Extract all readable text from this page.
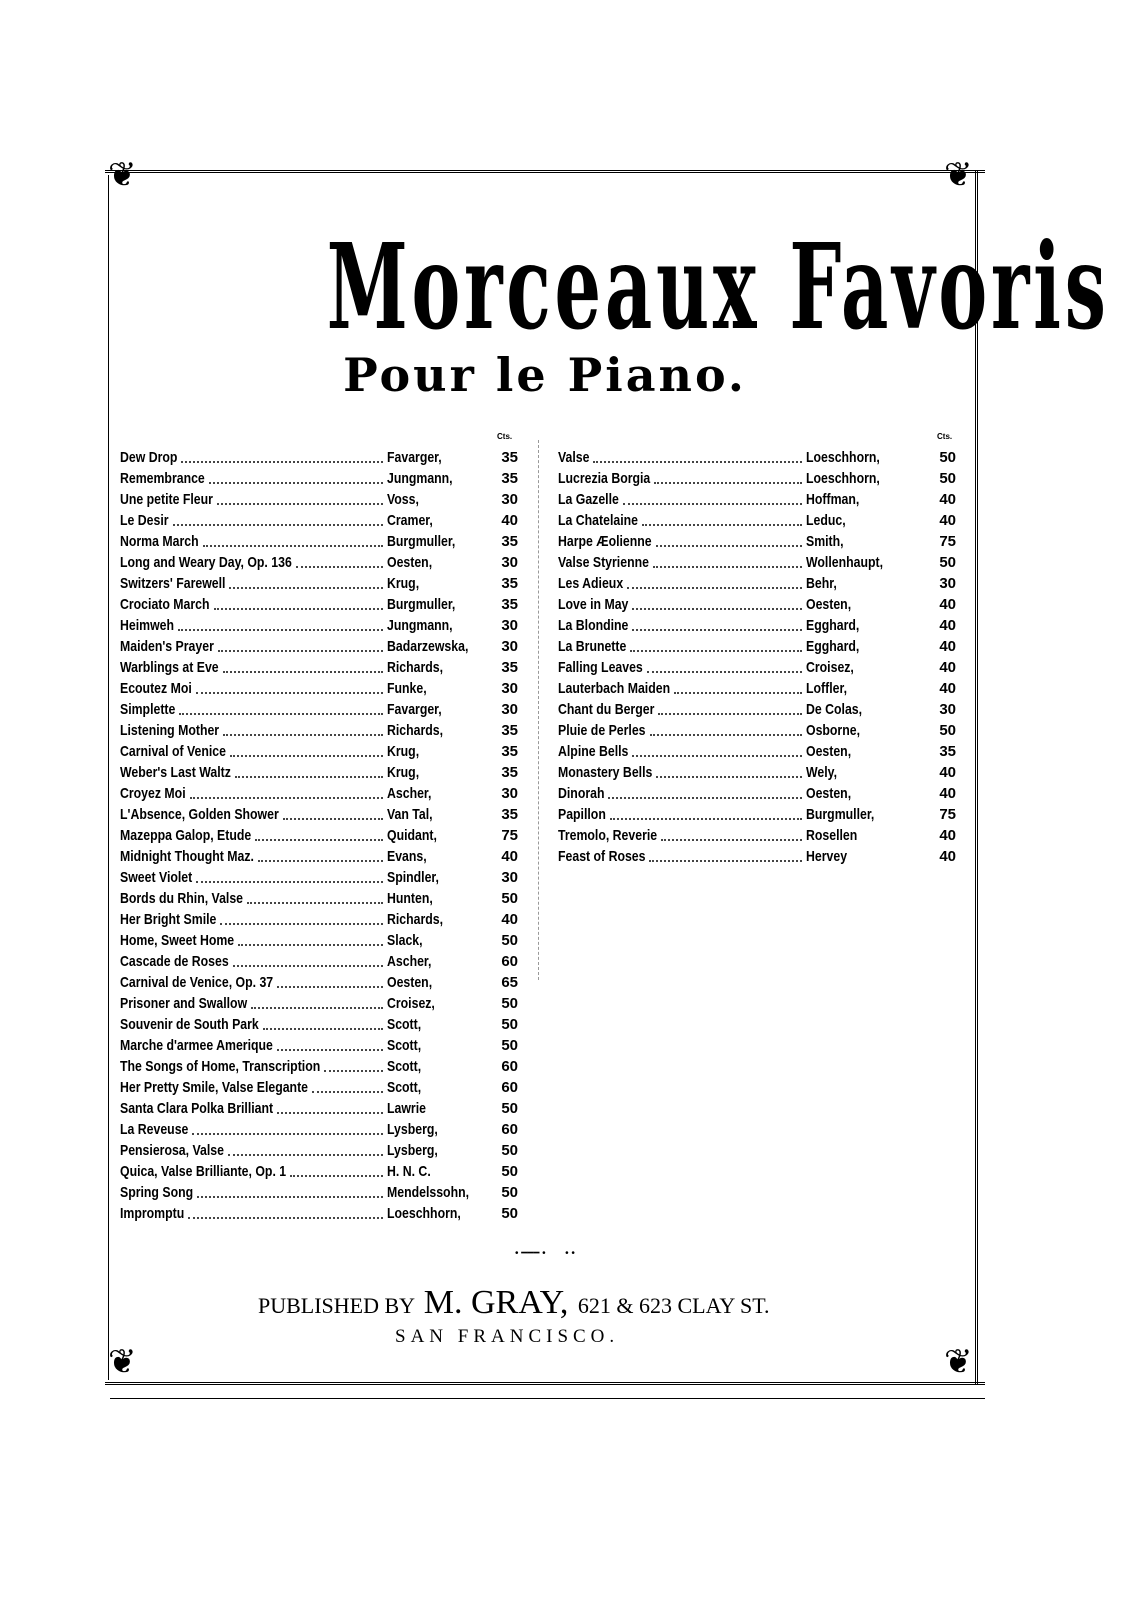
❦	❦
❦	❦
Morceaux Favoris
Pour le Piano.
Cts.	Cts.
Dew Drop	Favarger,	35
Remembrance	Jungmann,	35
Une petite Fleur	Voss,	30
Le Desir	Cramer,	40
Norma March	Burgmuller,	35
Long and Weary Day, Op. 136	Oesten,	30
Switzers' Farewell	Krug,	35
Crociato March	Burgmuller,	35
Heimweh	Jungmann,	30
Maiden's Prayer	Badarzewska,	30
Warblings at Eve	Richards,	35
Ecoutez Moi	Funke,	30
Simplette	Favarger,	30
Listening Mother	Richards,	35
Carnival of Venice	Krug,	35
Weber's Last Waltz	Krug,	35
Croyez Moi	Ascher,	30
L'Absence, Golden Shower	Van Tal,	35
Mazeppa Galop, Etude	Quidant,	75
Midnight Thought Maz.	Evans,	40
Sweet Violet	Spindler,	30
Bords du Rhin, Valse	Hunten,	50
Her Bright Smile	Richards,	40
Home, Sweet Home	Slack,	50
Cascade de Roses	Ascher,	60
Carnival de Venice, Op. 37	Oesten,	65
Prisoner and Swallow	Croisez,	50
Souvenir de South Park	Scott,	50
Marche d'armee Amerique	Scott,	50
The Songs of Home, Transcription	Scott,	60
Her Pretty Smile, Valse Elegante	Scott,	60
Santa Clara Polka Brilliant	Lawrie	50
La Reveuse	Lysberg,	60
Pensierosa, Valse	Lysberg,	50
Quica, Valse Brilliante, Op. 1	H. N. C.	50
Spring Song	Mendelssohn,	50
Impromptu	Loeschhorn,	50
Valse	Loeschhorn,	50
Lucrezia Borgia	Loeschhorn,	50
La Gazelle	Hoffman,	40
La Chatelaine	Leduc,	40
Harpe Æolienne	Smith,	75
Valse Styrienne	Wollenhaupt,	50
Les Adieux	Behr,	30
Love in May	Oesten,	40
La Blondine	Egghard,	40
La Brunette	Egghard,	40
Falling Leaves	Croisez,	40
Lauterbach Maiden	Loffler,	40
Chant du Berger	De Colas,	30
Pluie de Perles	Osborne,	50
Alpine Bells	Oesten,	35
Monastery Bells	Wely,	40
Dinorah	Oesten,	40
Papillon	Burgmuller,	75
Tremolo, Reverie	Rosellen	40
Feast of Roses	Hervey	40
• ━━━ •       • •
PUBLISHED BY M. GRAY, 621 & 623 CLAY ST.
SAN FRANCISCO.
